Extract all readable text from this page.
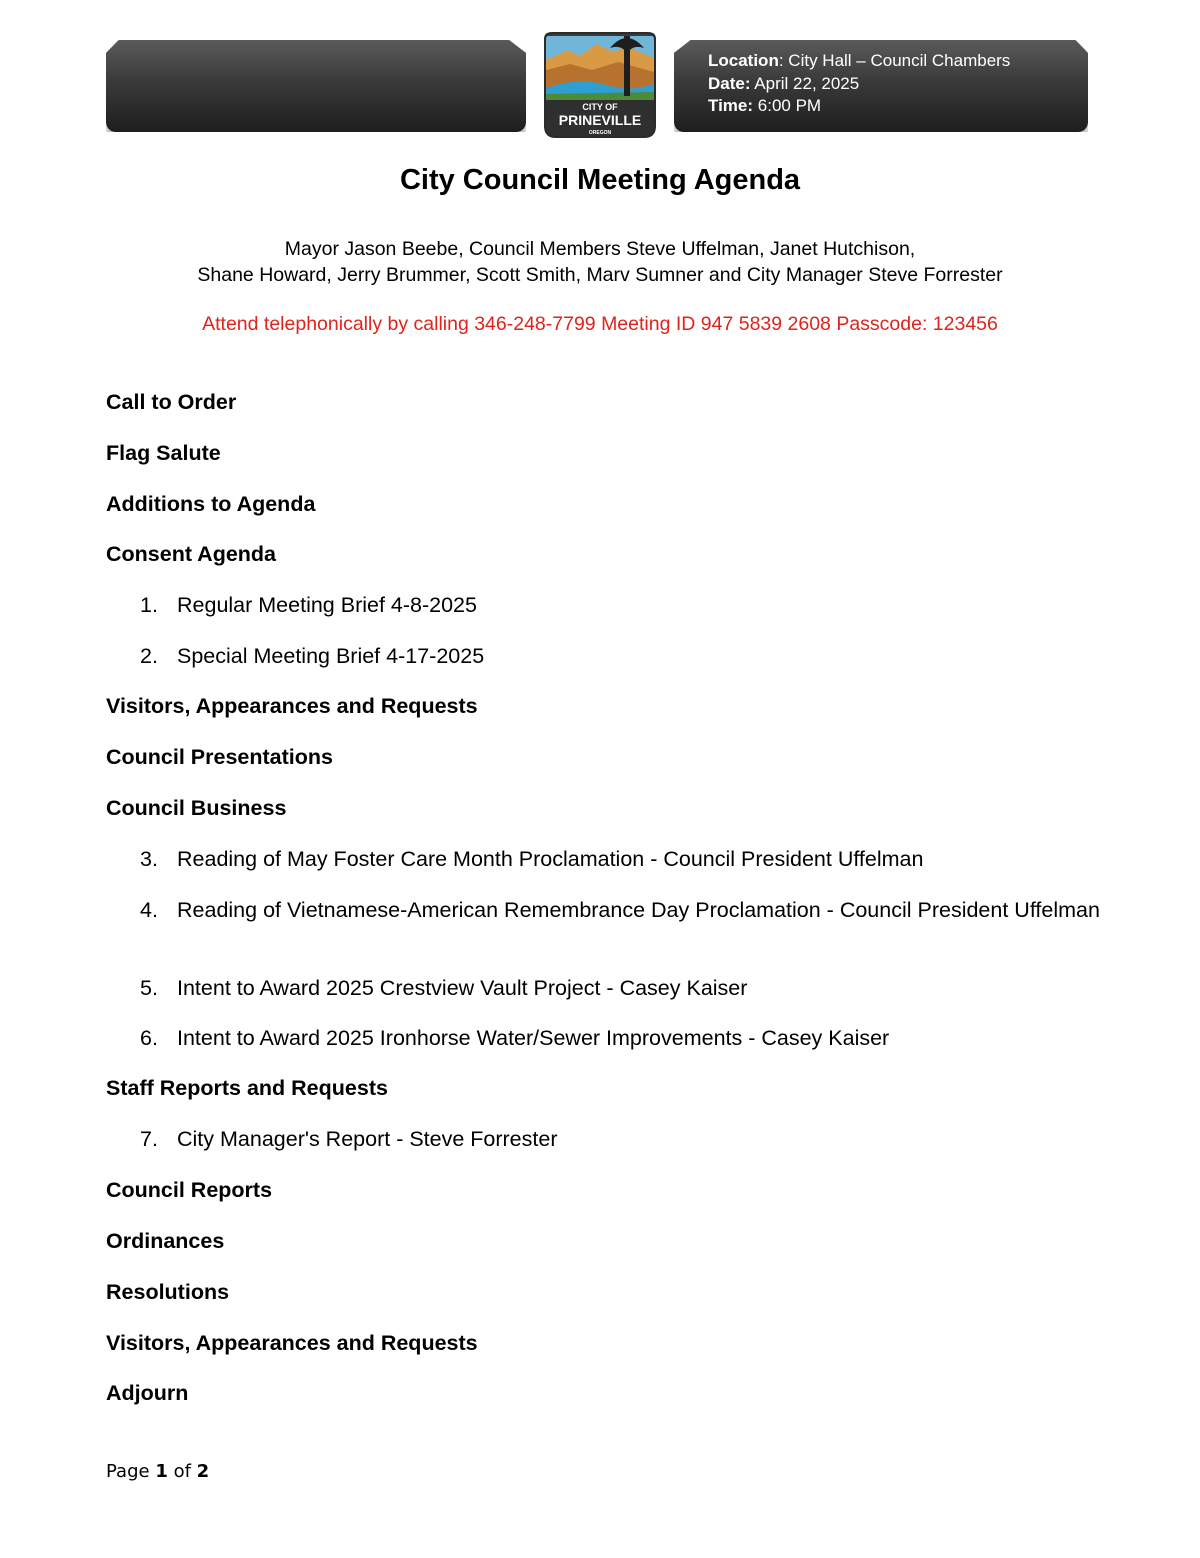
Location: City Hall – Council Chambers
Date: April 22, 2025
Time: 6:00 PM
CITY OF
PRINEVILLE
OREGON
City Council Meeting Agenda
Mayor Jason Beebe, Council Members Steve Uffelman, Janet Hutchison,
Shane Howard, Jerry Brummer, Scott Smith, Marv Sumner and City Manager Steve Forrester
Attend telephonically by calling 346-248-7799 Meeting ID 947 5839 2608 Passcode: 123456
Call to Order
Flag Salute
Additions to Agenda
Consent Agenda
1. Regular Meeting Brief 4-8-2025
2. Special Meeting Brief 4-17-2025
Visitors, Appearances and Requests
Council Presentations
Council Business
3. Reading of May Foster Care Month Proclamation - Council President Uffelman
4. Reading of Vietnamese-American Remembrance Day Proclamation - Council President Uffelman
5. Intent to Award 2025 Crestview Vault Project - Casey Kaiser
6. Intent to Award 2025 Ironhorse Water/Sewer Improvements - Casey Kaiser
Staff Reports and Requests
7. City Manager's Report - Steve Forrester
Council Reports
Ordinances
Resolutions
Visitors, Appearances and Requests
Adjourn
Page 1 of 2
